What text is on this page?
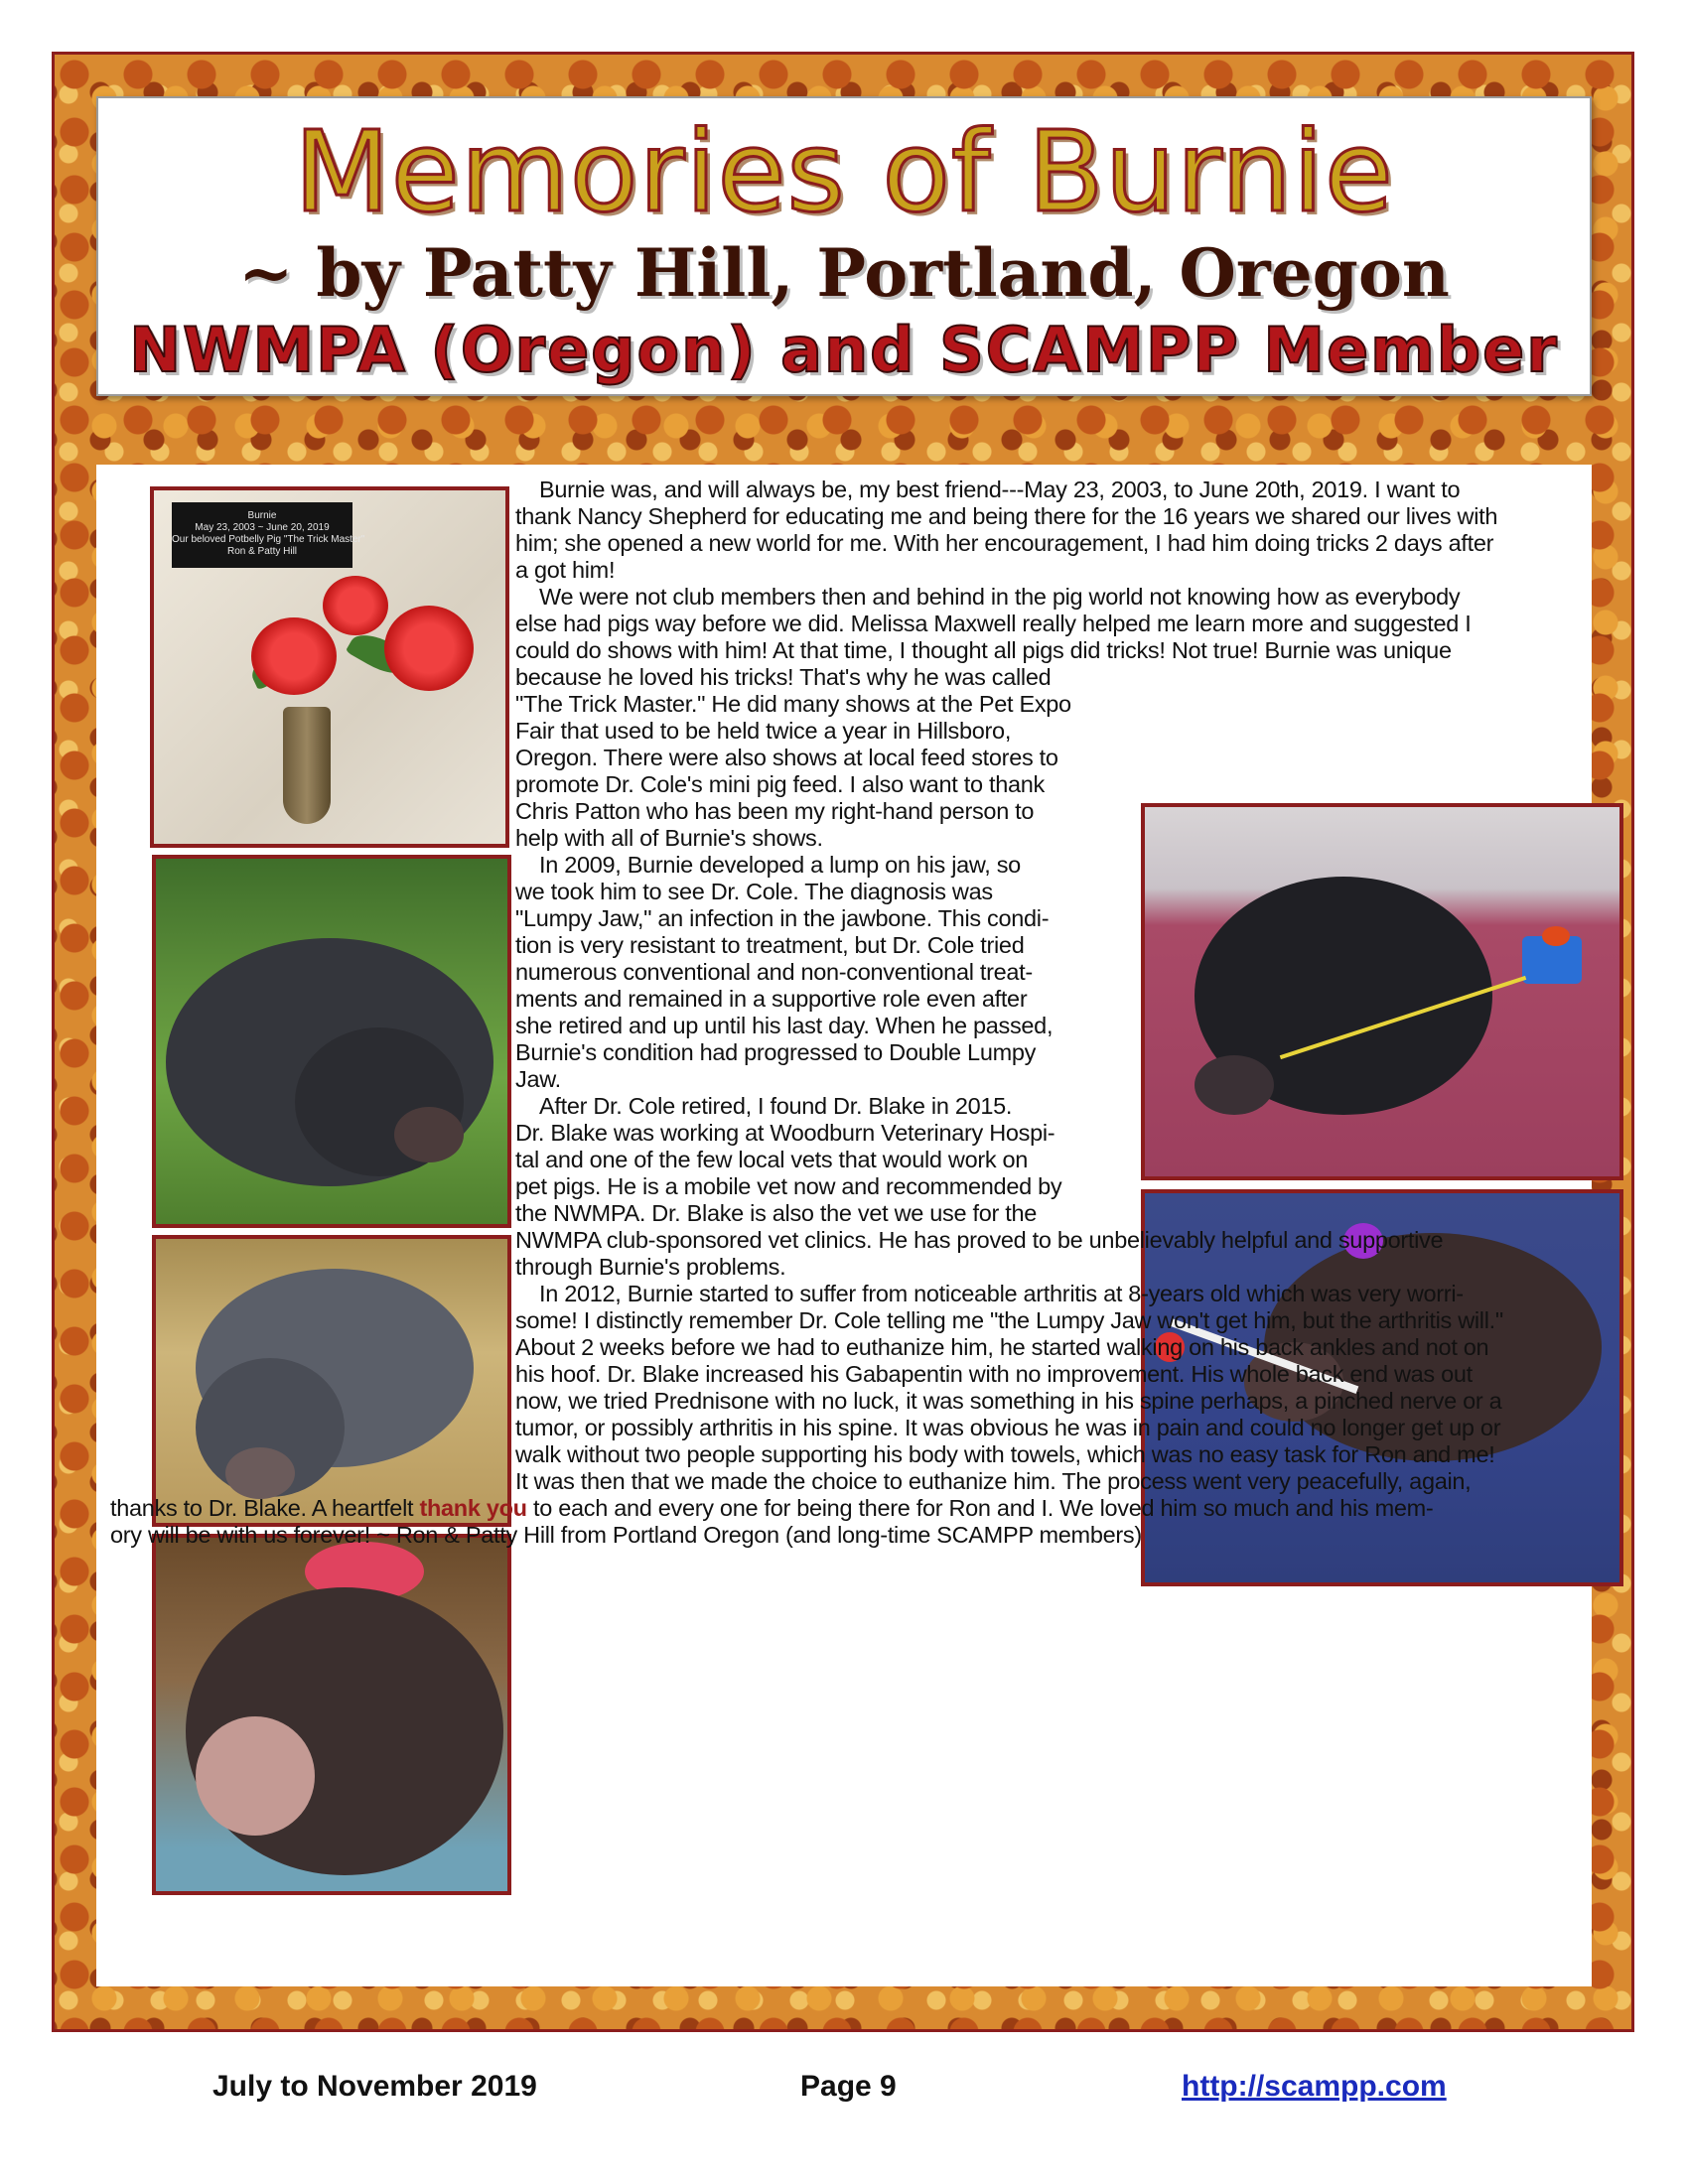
Memories of Burnie

~ by Patty Hill, Portland, Oregon

NWMPA (Oregon) and SCAMPP Member

Burnie
May 23, 2003 ~ June 20, 2019
Our beloved Potbelly Pig "The Trick Master"
Ron & Patty Hill
Burnie was, and will always be, my best friend---May 23, 2003, to June 20th, 2019. I want to
thank Nancy Shepherd for educating me and being there for the 16 years we shared our lives with
him; she opened a new world for me. With her encouragement, I had him doing tricks 2 days after
a got him!
We were not club members then and behind in the pig world not knowing how as everybody
else had pigs way before we did. Melissa Maxwell really helped me learn more and suggested I
could do shows with him! At that time, I thought all pigs did tricks! Not true! Burnie was unique
because he loved his tricks! That's why he was called
"The Trick Master." He did many shows at the Pet Expo
Fair that used to be held twice a year in Hillsboro,
Oregon. There were also shows at local feed stores to
promote Dr. Cole's mini pig feed. I also want to thank
Chris Patton who has been my right-hand person to
help with all of Burnie's shows.
In 2009, Burnie developed a lump on his jaw, so
we took him to see Dr. Cole. The diagnosis was
"Lumpy Jaw," an infection in the jawbone. This condi-
tion is very resistant to treatment, but Dr. Cole tried
numerous conventional and non-conventional treat-
ments and remained in a supportive role even after
she retired and up until his last day. When he passed,
Burnie's condition had progressed to Double Lumpy
Jaw.
After Dr. Cole retired, I found Dr. Blake in 2015.
Dr. Blake was working at Woodburn Veterinary Hospi-
tal and one of the few local vets that would work on
pet pigs. He is a mobile vet now and recommended by
the NWMPA. Dr. Blake is also the vet we use for the
NWMPA club-sponsored vet clinics. He has proved to be unbelievably helpful and supportive
through Burnie's problems.
In 2012, Burnie started to suffer from noticeable arthritis at 8-years old which was very worri-
some! I distinctly remember Dr. Cole telling me "the Lumpy Jaw won't get him, but the arthritis will."
About 2 weeks before we had to euthanize him, he started walking on his back ankles and not on
his hoof. Dr. Blake increased his Gabapentin with no improvement. His whole back end was out
now, we tried Prednisone with no luck, it was something in his spine perhaps, a pinched nerve or a
tumor, or possibly arthritis in his spine. It was obvious he was in pain and could no longer get up or
walk without two people supporting his body with towels, which was no easy task for Ron and me!
It was then that we made the choice to euthanize him. The process went very peacefully, again,
thanks to Dr. Blake. A heartfelt thank you to each and every one for being there for Ron and I. We loved him so much and his mem-
ory will be with us forever! ~ Ron & Patty Hill from Portland Oregon (and long-time SCAMPP members)
July to November 2019	Page 9	http://scampp.com
